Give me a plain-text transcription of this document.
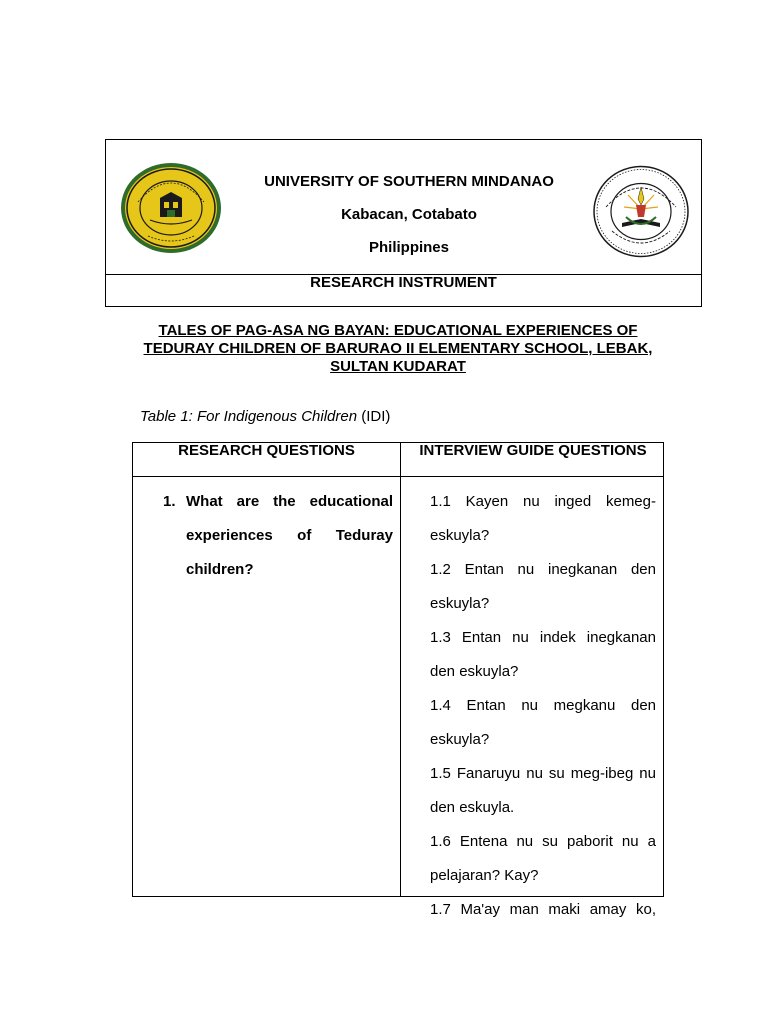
UNIVERSITY OF SOUTHERN MINDANAO
Kabacan, Cotabato
Philippines
RESEARCH INSTRUMENT
TALES OF PAG-ASA NG BAYAN: EDUCATIONAL EXPERIENCES OF TEDURAY CHILDREN OF BARURAO II ELEMENTARY SCHOOL, LEBAK, SULTAN KUDARAT
Table 1: For Indigenous Children (IDI)
RESEARCH QUESTIONS	INTERVIEW GUIDE QUESTIONS
1. What are the educational experiences of Teduray children?
1.1 Kayen nu inged kemeg-eskuyla?
1.2 Entan nu inegkanan den eskuyla?
1.3 Entan nu indek inegkanan den eskuyla?
1.4 Entan nu megkanu den eskuyla?
1.5 Fanaruyu nu su meg-ibeg nu den eskuyla.
1.6 Entena nu su paborit nu a pelajaran? Kay?
1.7 Ma'ay man maki amay ko,
